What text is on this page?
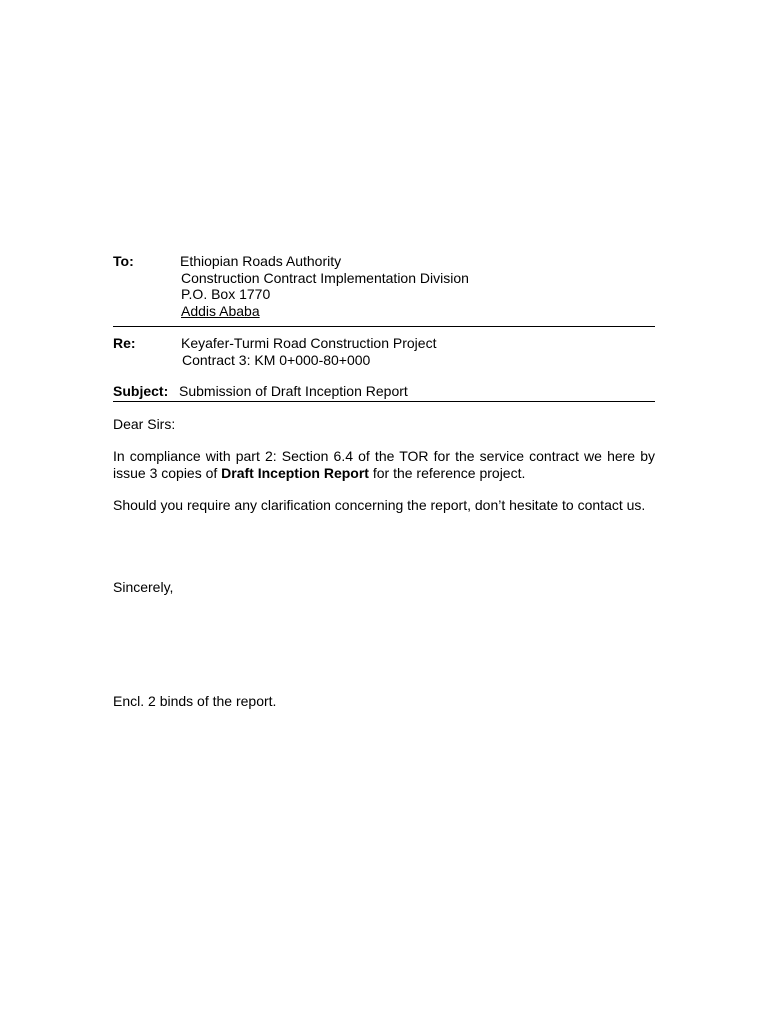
To:	Ethiopian Roads Authority
Construction Contract Implementation Division
P.O. Box 1770
Addis Ababa
Re:	Keyafer-Turmi Road Construction Project
Contract 3: KM 0+000-80+000
Subject: Submission of Draft Inception Report

Dear Sirs:

In compliance with part 2: Section 6.4 of the TOR for the service contract we here by issue 3 copies of Draft Inception Report for the reference project.

Should you require any clarification concerning the report, don’t hesitate to contact us.

Sincerely,

Encl. 2 binds of the report.
